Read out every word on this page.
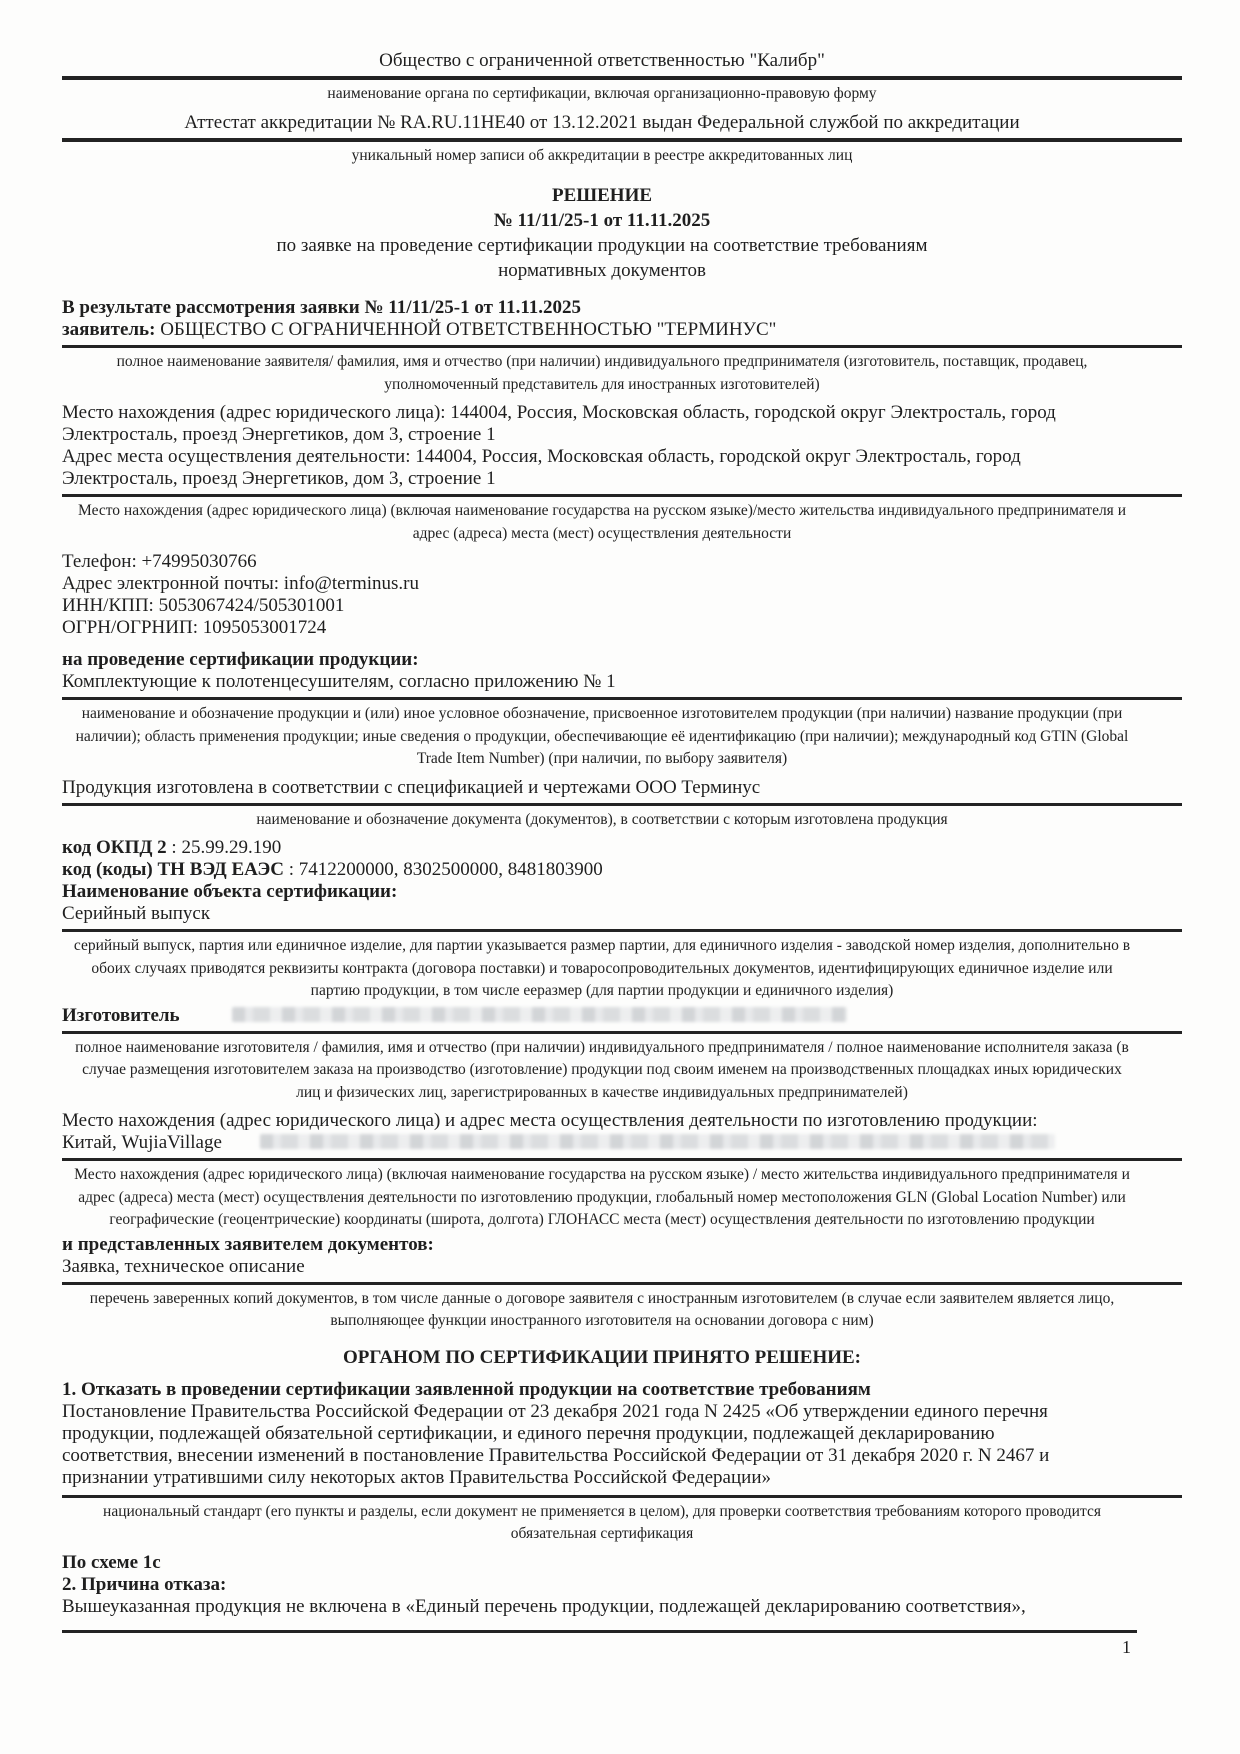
Общество с ограниченной ответственностью "Калибр"
наименование органа по сертификации, включая организационно-правовую форму
Аттестат аккредитации № RA.RU.11HE40 от 13.12.2021 выдан Федеральной службой по аккредитации
уникальный номер записи об аккредитации в реестре аккредитованных лиц
РЕШЕНИЕ
№ 11/11/25-1 от 11.11.2025
по заявке на проведение сертификации продукции на соответствие требованиям
нормативных документов
В результате рассмотрения заявки № 11/11/25-1 от 11.11.2025
заявитель: ОБЩЕСТВО С ОГРАНИЧЕННОЙ ОТВЕТСТВЕННОСТЬЮ "ТЕРМИНУС"
полное наименование заявителя/ фамилия, имя и отчество (при наличии) индивидуального предпринимателя (изготовитель, поставщик, продавец, уполномоченный представитель для иностранных изготовителей)
Место нахождения (адрес юридического лица): 144004, Россия, Московская область, городской округ Электросталь, город Электросталь, проезд Энергетиков, дом 3, строение 1
Адрес места осуществления деятельности: 144004, Россия, Московская область, городской округ Электросталь, город Электросталь, проезд Энергетиков, дом 3, строение 1
Место нахождения (адрес юридического лица) (включая наименование государства на русском языке)/место жительства индивидуального предпринимателя и адрес (адреса) места (мест) осуществления деятельности
Телефон: +74995030766
Адрес электронной почты: info@terminus.ru
ИНН/КПП: 5053067424/505301001
ОГРН/ОГРНИП: 1095053001724
на проведение сертификации продукции:
Комплектующие к полотенцесушителям, согласно приложению № 1
наименование и обозначение продукции и (или) иное условное обозначение, присвоенное изготовителем продукции (при наличии) название продукции (при наличии); область применения продукции; иные сведения о продукции, обеспечивающие её идентификацию (при наличии); международный код GTIN (Global Trade Item Number) (при наличии, по выбору заявителя)
Продукция изготовлена в соответствии с спецификацией и чертежами ООО Терминус
наименование и обозначение документа (документов), в соответствии с которым изготовлена продукция
код ОКПД 2 : 25.99.29.190
код (коды) ТН ВЭД ЕАЭС : 7412200000, 8302500000, 8481803900
Наименование объекта сертификации:
Серийный выпуск
серийный выпуск, партия или единичное изделие, для партии указывается размер партии, для единичного изделия - заводской номер изделия, дополнительно в обоих случаях приводятся реквизиты контракта (договора поставки) и товаросопроводительных документов, идентифицирующих единичное изделие или партию продукции, в том числе ееразмер (для партии продукции и единичного изделия)
Изготовитель
полное наименование изготовителя / фамилия, имя и отчество (при наличии) индивидуального предпринимателя / полное наименование исполнителя заказа (в случае размещения изготовителем заказа на производство (изготовление) продукции под своим именем на производственных площадках иных юридических лиц и физических лиц, зарегистрированных в качестве индивидуальных предпринимателей)
Место нахождения (адрес юридического лица) и адрес места осуществления деятельности по изготовлению продукции:
Китай, WujiaVillage
Место нахождения (адрес юридического лица) (включая наименование государства на русском языке) / место жительства индивидуального предпринимателя и адрес (адреса) места (мест) осуществления деятельности по изготовлению продукции, глобальный номер местоположения GLN (Global Location Number) или географические (геоцентрические) координаты (широта, долгота) ГЛОНАСС места (мест) осуществления деятельности по изготовлению продукции
и представленных заявителем документов:
Заявка, техническое описание
перечень заверенных копий документов, в том числе данные о договоре заявителя с иностранным изготовителем (в случае если заявителем является лицо, выполняющее функции иностранного изготовителя на основании договора с ним)
ОРГАНОМ ПО СЕРТИФИКАЦИИ ПРИНЯТО РЕШЕНИЕ:
1. Отказать в проведении сертификации заявленной продукции на соответствие требованиям
Постановление Правительства Российской Федерации от 23 декабря 2021 года N 2425 «Об утверждении единого перечня продукции, подлежащей обязательной сертификации, и единого перечня продукции, подлежащей декларированию соответствия, внесении изменений в постановление Правительства Российской Федерации от 31 декабря 2020 г. N 2467 и признании утратившими силу некоторых актов Правительства Российской Федерации»
национальный стандарт (его пункты и разделы, если документ не применяется в целом), для проверки соответствия требованиям которого проводится обязательная сертификация
По схеме 1с
2. Причина отказа:
Вышеуказанная продукция не включена в «Единый перечень продукции, подлежащей декларированию соответствия»,
1
